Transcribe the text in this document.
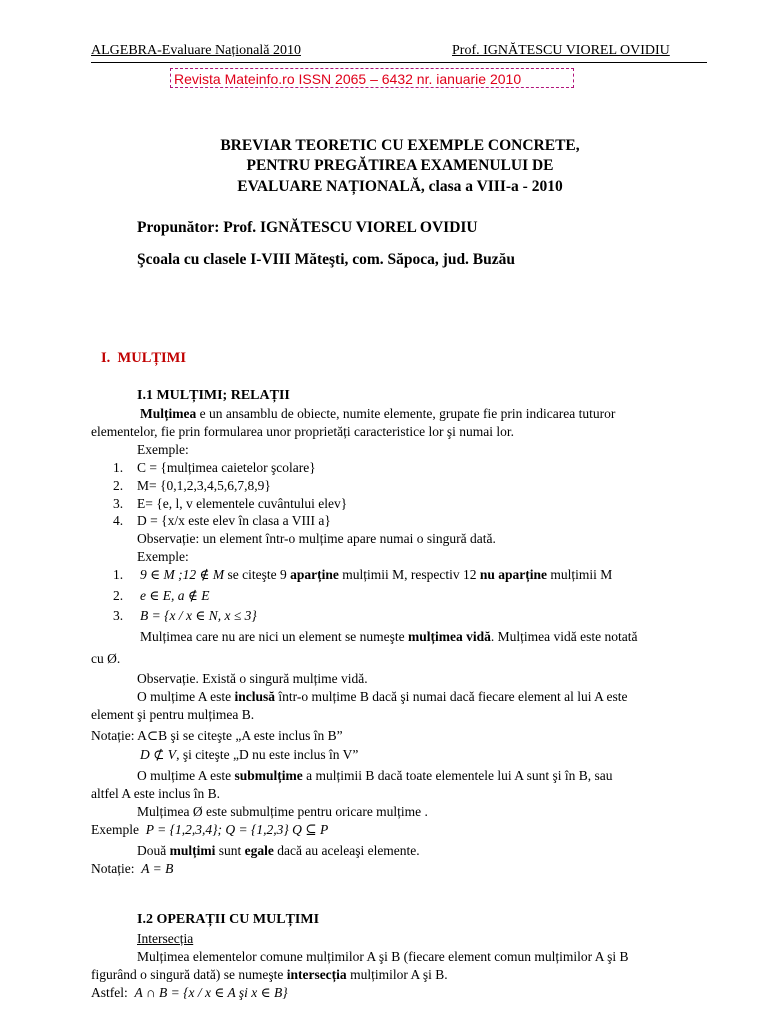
ALGEBRA-Evaluare Națională 2010	Prof. IGNĂTESCU VIOREL OVIDIU
Revista Mateinfo.ro ISSN 2065 – 6432 nr. ianuarie 2010
BREVIAR TEORETIC CU EXEMPLE CONCRETE,
PENTRU PREGĂTIREA EXAMENULUI DE
EVALUARE NAȚIONALĂ, clasa a VIII-a - 2010
Propunător: Prof. IGNĂTESCU VIOREL OVIDIU
Şcoala cu clasele I-VIII Măteşti, com. Săpoca, jud. Buzău
I. MULȚIMI
I.1 MULȚIMI; RELAȚII
Mulțimea e un ansamblu de obiecte, numite elemente, grupate fie prin indicarea tuturor
elementelor, fie prin formularea unor proprietăți caracteristice lor şi numai lor.
Exemple:
1. C = {mulțimea caietelor şcolare}
2. M= {0,1,2,3,4,5,6,7,8,9}
3. E= {e, l, v elementele cuvântului elev}
4. D = {x/x este elev în clasa a VIII a}
Observație: un element într-o mulțime apare numai o singură dată.
Exemple:
1. 9 ∈ M ;12 ∉ M se citeşte 9 aparține mulțimii M, respectiv 12 nu aparține mulțimii M
2. e ∈ E, a ∉ E
3. B = {x / x ∈ N, x ≤ 3}
Mulțimea care nu are nici un element se numeşte mulțimea vidă. Mulțimea vidă este notată
cu Ø.
Observație. Există o singură mulțime vidă.
O mulțime A este inclusă într-o mulțime B dacă şi numai dacă fiecare element al lui A este
element şi pentru mulțimea B.
Notație: A⊂B şi se citeşte „A este inclus în B”
D ⊄ V, şi citeşte „D nu este inclus în V”
O mulțime A este submulțime a mulțimii B dacă toate elementele lui A sunt şi în B, sau
altfel A este inclus în B.
Mulțimea Ø este submulțime pentru oricare mulțime .
Exemple P = {1,2,3,4}; Q = {1,2,3} Q ⊆ P
Două mulțimi sunt egale dacă au aceleaşi elemente.
Notație: A = B
I.2 OPERAȚII CU MULȚIMI
Intersecția
Mulțimea elementelor comune mulțimilor A şi B (fiecare element comun mulțimilor A şi B
figurând o singură dată) se numeşte intersecția mulțimilor A şi B.
Astfel: A ∩ B = {x / x ∈ A şi x ∈ B}
